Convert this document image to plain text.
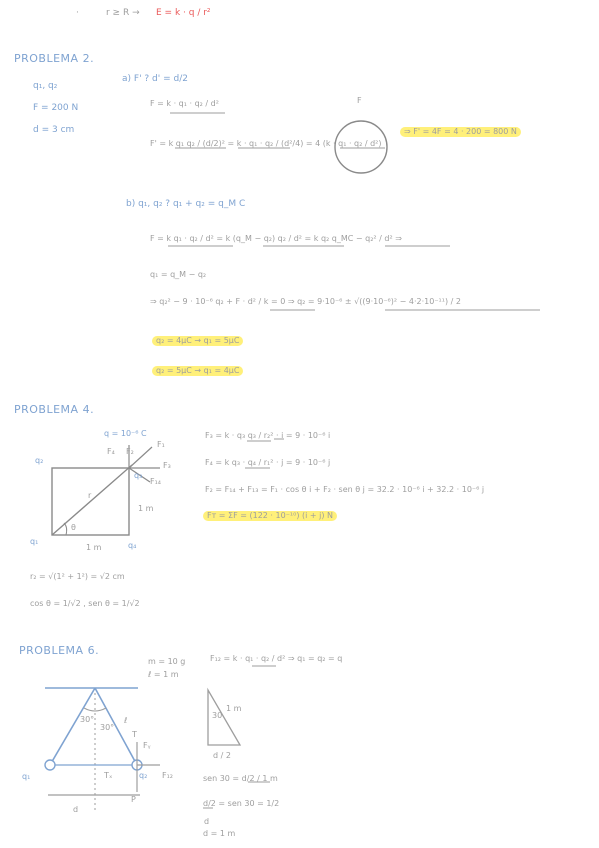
·	r ≥ R → E = k · q / r²
PROBLEMA 2.
q₁, q₂
F = 200 N
d = 3 cm
a) F' ? d' = d/2
F = k · q₁ · q₂ / d²
F' = k q₁ q₂ / (d/2)² = k · q₁ · q₂ / (d²/4) = 4 (k · q₁ · q₂ / d²)
F
⇒ F' = 4F = 4 · 200 = 800 N
b) q₁, q₂ ? q₁ + q₂ = q_M C
F = k q₁ · q₂ / d² = k (q_M − q₂) q₂ / d² = k q₂ q_MC − q₂² / d² ⇒
q₁ = q_M − q₂
⇒ q₂² − 9 · 10⁻⁶ q₂ + F · d² / k = 0 ⇒ q₂ = 9·10⁻⁶ ± √((9·10⁻⁶)² − 4·2·10⁻¹¹) / 2
q₂ = 4μC → q₁ = 5μC
q₂ = 5μC → q₁ = 4μC
PROBLEMA 4.
q = 10⁻⁶ C
q₂
q₁	q₄
q₃
1 m
1 m
r
θ
F₄
F₁
F₃
F₁₄
F₂
F₃ = k · q₃ q₃ / r₂² · i = 9 · 10⁻⁶ i
F₄ = k q₃ · q₄ / r₁² · j = 9 · 10⁻⁶ j
F₂ = F₁₄ + F₁₃ = F₁ · cos θ i + F₂ · sen θ j = 32.2 · 10⁻⁶ i + 32.2 · 10⁻⁶ j
Fᴛ = ΣF = (122 · 10⁻¹⁰) (i + j) N
r₂ = √(1² + 1²) = √2 cm
cos θ = 1/√2 , sen θ = 1/√2
PROBLEMA 6.
m = 10 g
ℓ = 1 m
F₁₂ = k · q₁ · q₂ / d² ⇒ q₁ = q₂ = q
30°
30°
ℓ
T
Fᵧ
F₁₂
Tₓ
q₁	q₂
P
d
30
1 m
d / 2
sen 30 = d/2 / 1 m
d/2 = sen 30 = 1/2
d
d = 1 m
